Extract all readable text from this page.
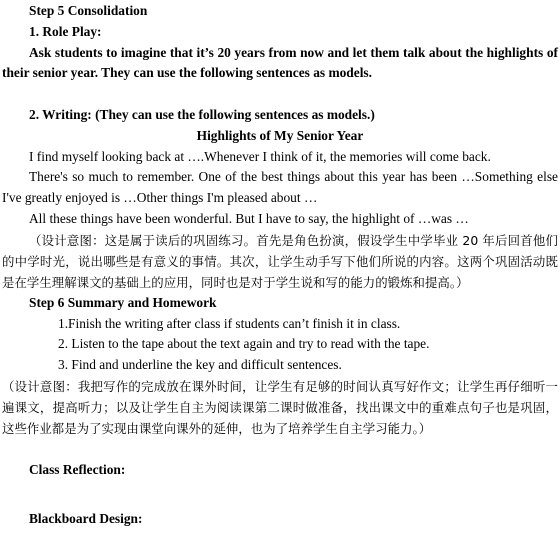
Step 5 Consolidation

1. Role Play:

Ask students to imagine that it’s 20 years from now and let them talk about the highlights of their senior year. They can use the following sentences as models.

2. Writing: (They can use the following sentences as models.)

Highlights of My Senior Year

I find myself looking back at ….Whenever I think of it, the memories will come back.

There's so much to remember. One of the best things about this year has been …Something else I've greatly enjoyed is …Other things I'm pleased about …

All these things have been wonderful. But I have to say, the highlight of …was …

（设计意图：这是属于读后的巩固练习。首先是角色扮演，假设学生中学毕业 20 年后回首他们的中学时光，说出哪些是有意义的事情。其次，让学生动手写下他们所说的内容。这两个巩固活动既是在学生理解课文的基础上的应用，同时也是对于学生说和写的能力的锻炼和提高。）

Step 6 Summary and Homework

1.Finish the writing after class if students can’t finish it in class.

2. Listen to the tape about the text again and try to read with the tape.

3. Find and underline the key and difficult sentences.

（设计意图：我把写作的完成放在课外时间，让学生有足够的时间认真写好作文；让学生再仔细听一遍课文，提高听力；以及让学生自主为阅读课第二课时做准备，找出课文中的重难点句子也是巩固，这些作业都是为了实现由课堂向课外的延伸，也为了培养学生自主学习能力。）

Class Reflection:

Blackboard Design:
